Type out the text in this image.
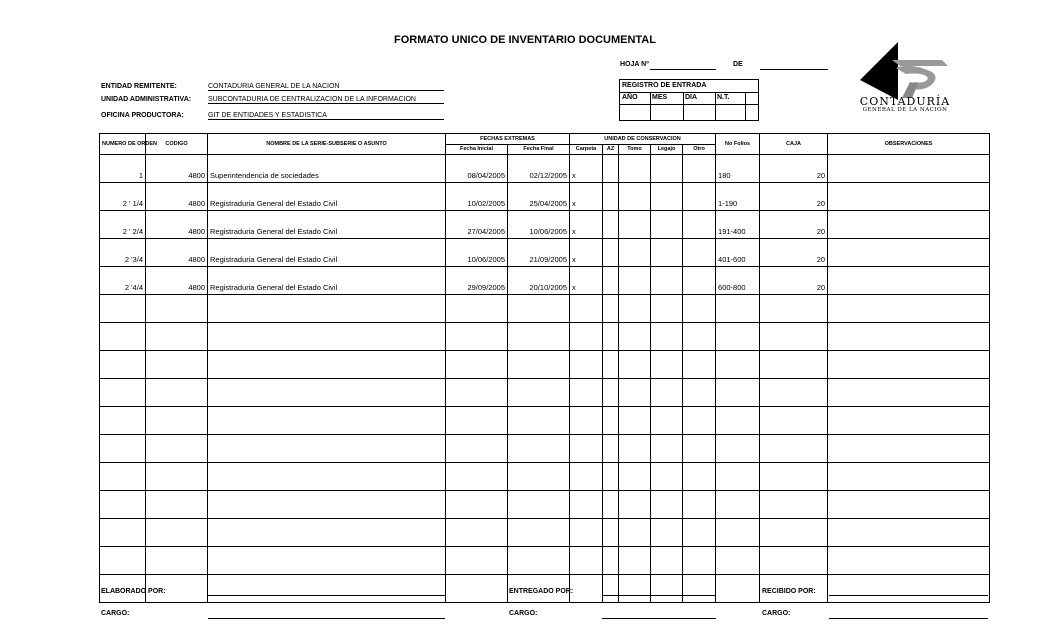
FORMATO UNICO DE INVENTARIO DOCUMENTAL
HOJA Nº	DE
ENTIDAD REMITENTE:	CONTADURIA GENERAL DE LA NACION
UNIDAD ADMINISTRATIVA: SUBCONTADURIA DE CENTRALIZACION DE LA INFORMACION
OFICINA PRODUCTORA:	GIT DE ENTIDADES Y ESTADISTICA
REGISTRO DE ENTRADA
AÑO MES	DIA	N.T.	CONTADURÍA
GENERAL DE LA NACIÓN
NUMERO DE ORDEN	CODIGO	NOMBRE DE LA SERIE-SUBSERIE O ASUNTO	FECHAS EXTREMAS		UNIDAD DE CONSERVACION					No Folios	CAJA	OBSERVACIONES
			Fecha Inicial	Fecha Final	Carpeta	AZ	Tomo	Legajo	Otro			
1	4800	Superintendencia de sociedades	08/04/2005	02/12/2005	x					180	20	
2 ' 1/4	4800	Registraduria General del Estado Civil	10/02/2005	25/04/2005	x					1-190	20	
2 ' 2/4	4800	Registraduria General del Estado Civil	27/04/2005	10/06/2005	x					191-400	20	
2 '3/4	4800	Registraduria General del Estado Civil	10/06/2005	21/09/2005	x					401-600	20	
2 '4/4	4800	Registraduria General del Estado Civil	29/09/2005	20/10/2005	x					600-800	20	

ELABORADO POR:
CARGO:
ENTREGADO POR:
CARGO:
RECIBIDO POR:
CARGO:
